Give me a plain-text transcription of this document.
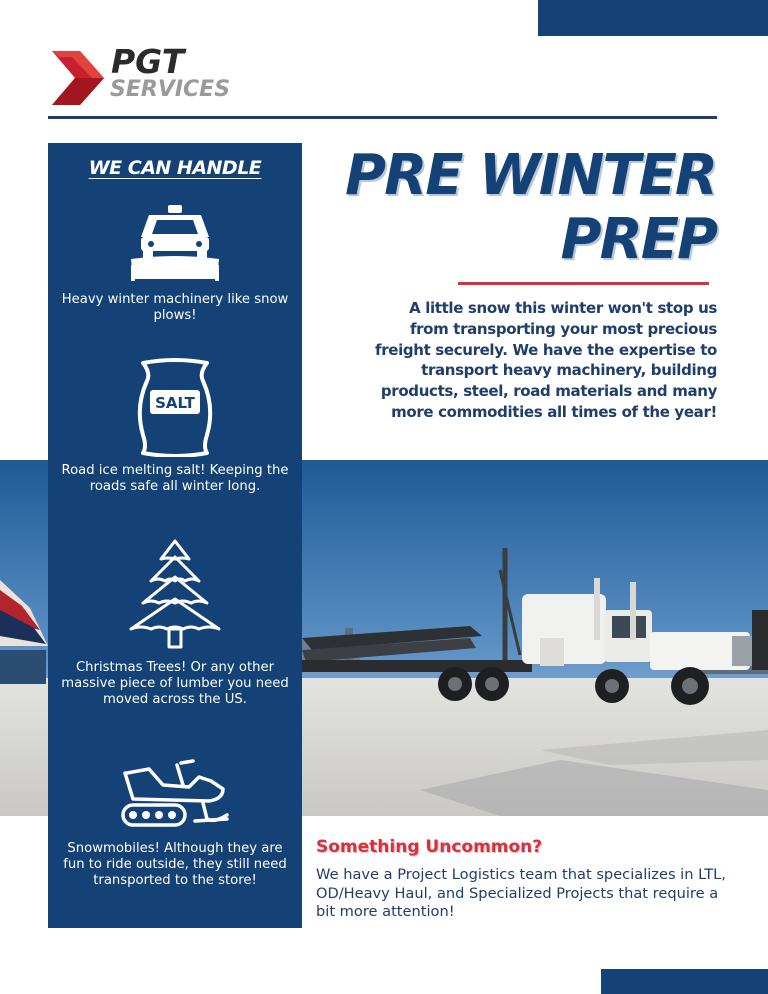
PGT
SERVICES
PRE WINTER
PREP
A little snow this winter won't stop us from transporting your most precious freight securely. We have the expertise to transport heavy machinery, building products, steel, road materials and many more commodities all times of the year!
WE CAN HANDLE
Heavy winter machinery like snow plows!
SALT
Road ice melting salt! Keeping the roads safe all winter long.
Christmas Trees! Or any other massive piece of lumber you need moved across the US.
Snowmobiles! Although they are fun to ride outside, they still need transported to the store!
Something Uncommon?
We have a Project Logistics team that specializes in LTL, OD/Heavy Haul, and Specialized Projects that require a bit more attention!
